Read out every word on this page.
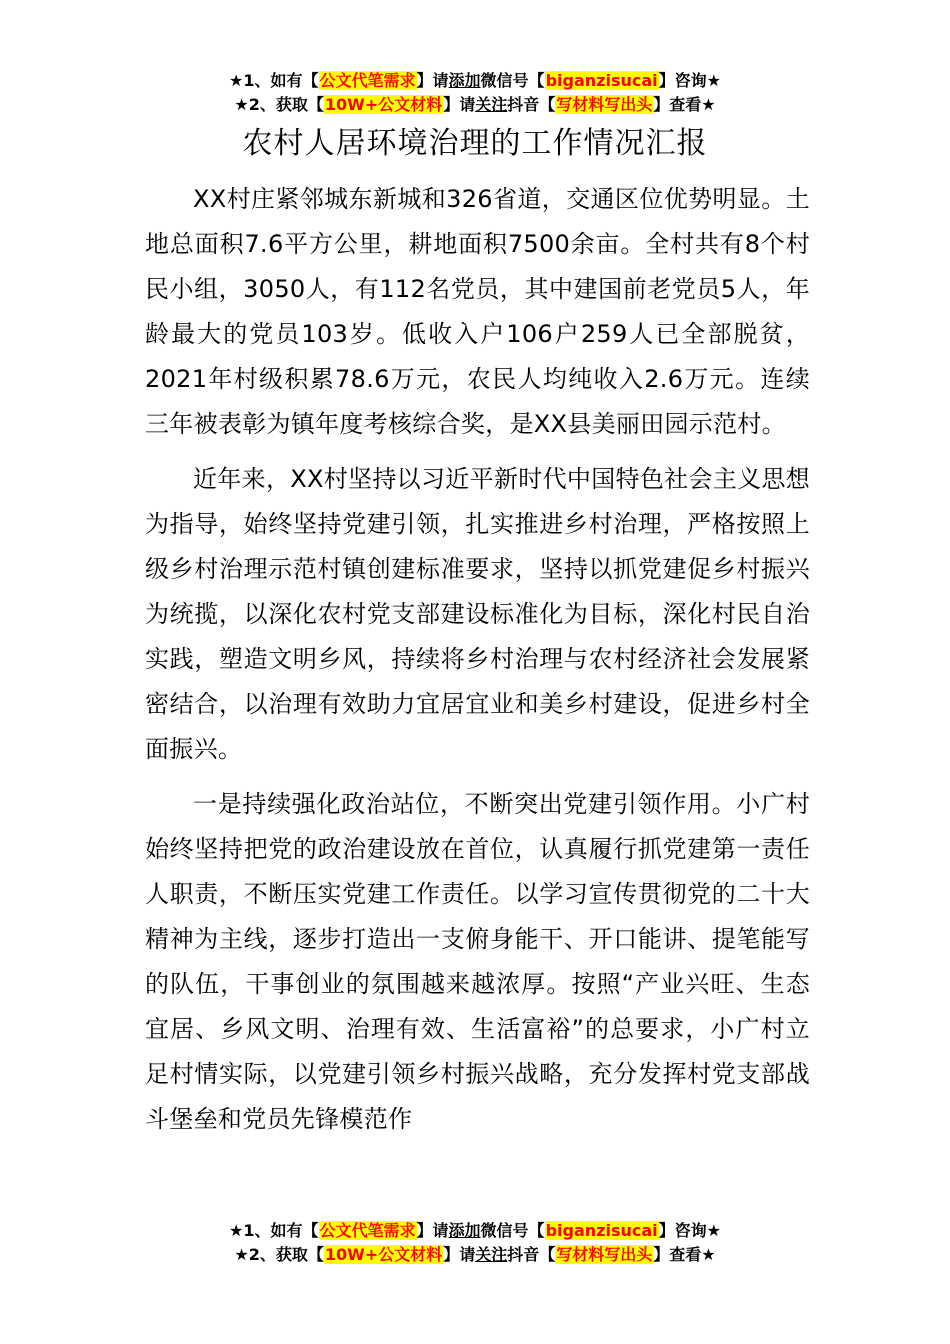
★1、如有【公文代笔需求】请添加微信号【biganzisucai】咨询★
★2、获取【10W+公文材料】请关注抖音【写材料写出头】查看★
农村人居环境治理的工作情况汇报

XX村庄紧邻城东新城和326省道，交通区位优势明显。土地总面积7.6平方公里，耕地面积7500余亩。全村共有8个村民小组，3050人，有112名党员，其中建国前老党员5人，年龄最大的党员103岁。低收入户106户259人已全部脱贫，2021年村级积累78.6万元，农民人均纯收入2.6万元。连续三年被表彰为镇年度考核综合奖，是XX县美丽田园示范村。

近年来，XX村坚持以习近平新时代中国特色社会主义思想为指导，始终坚持党建引领，扎实推进乡村治理，严格按照上级乡村治理示范村镇创建标准要求，坚持以抓党建促乡村振兴为统揽，以深化农村党支部建设标准化为目标，深化村民自治实践，塑造文明乡风，持续将乡村治理与农村经济社会发展紧密结合，以治理有效助力宜居宜业和美乡村建设，促进乡村全面振兴。

一是持续强化政治站位，不断突出党建引领作用。小广村始终坚持把党的政治建设放在首位，认真履行抓党建第一责任人职责，不断压实党建工作责任。以学习宣传贯彻党的二十大精神为主线，逐步打造出一支俯身能干、开口能讲、提笔能写的队伍，干事创业的氛围越来越浓厚。按照“产业兴旺、生态宜居、乡风文明、治理有效、生活富裕”的总要求，小广村立足村情实际，以党建引领乡村振兴战略，充分发挥村党支部战斗堡垒和党员先锋模范作

★1、如有【公文代笔需求】请添加微信号【biganzisucai】咨询★
★2、获取【10W+公文材料】请关注抖音【写材料写出头】查看★
